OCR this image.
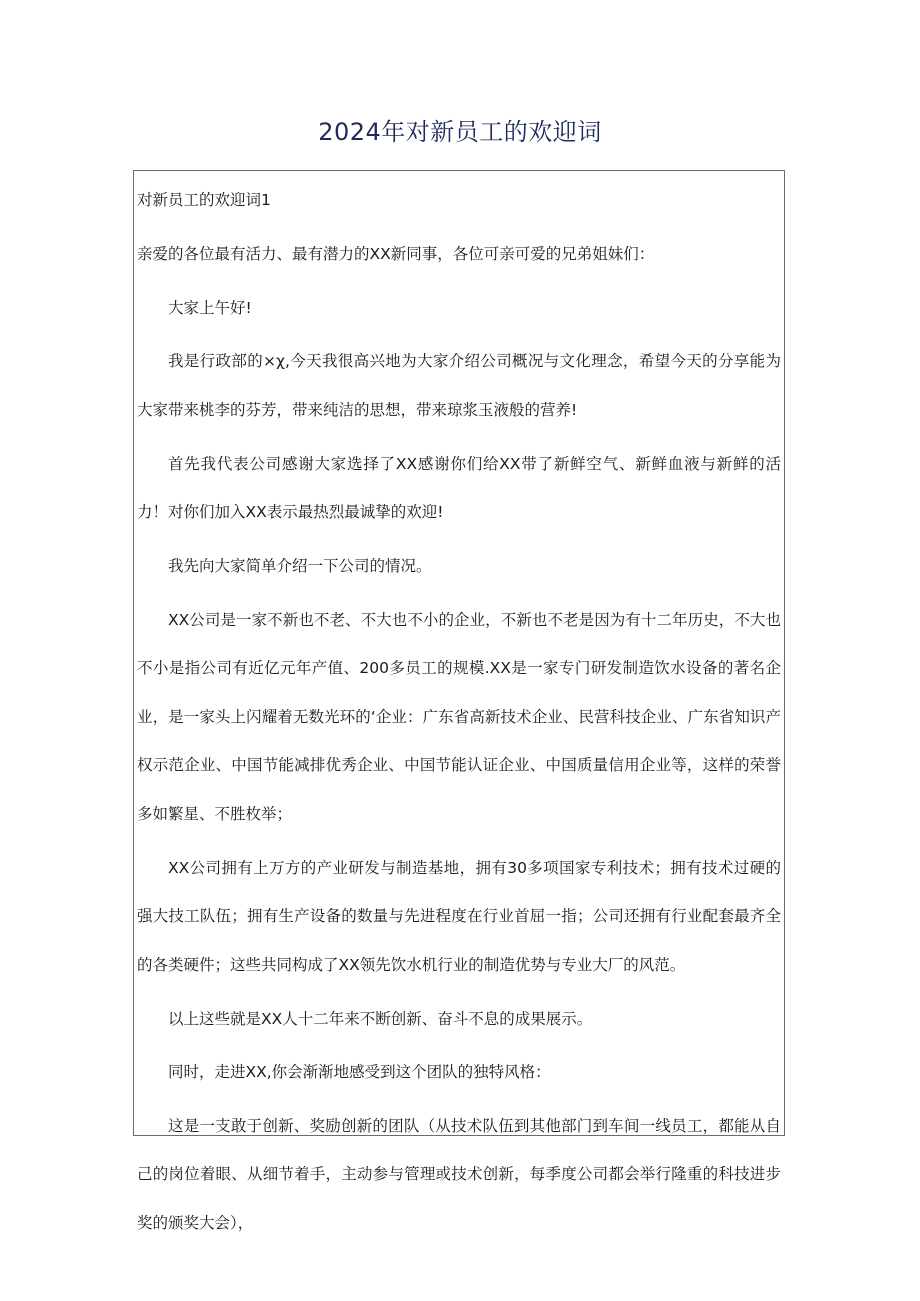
2024年对新员工的欢迎词

对新员工的欢迎词1

亲爱的各位最有活力、最有潜力的XX新同事，各位可亲可爱的兄弟姐妹们：

大家上午好!

我是行政部的×χ,今天我很高兴地为大家介绍公司概况与文化理念，希望今天的分享能为大家带来桃李的芬芳，带来纯洁的思想，带来琼浆玉液般的营养!

首先我代表公司感谢大家选择了XX感谢你们给XX带了新鲜空气、新鲜血液与新鲜的活力！对你们加入XX表示最热烈最诚挚的欢迎!

我先向大家简单介绍一下公司的情况。

XX公司是一家不新也不老、不大也不小的企业，不新也不老是因为有十二年历史，不大也不小是指公司有近亿元年产值、200多员工的规模.XX是一家专门研发制造饮水设备的著名企业，是一家头上闪耀着无数光环的‘企业：广东省高新技术企业、民营科技企业、广东省知识产权示范企业、中国节能减排优秀企业、中国节能认证企业、中国质量信用企业等，这样的荣誉多如繁星、不胜枚举；

XX公司拥有上万方的产业研发与制造基地，拥有30多项国家专利技术；拥有技术过硬的强大技工队伍；拥有生产设备的数量与先进程度在行业首屈一指；公司还拥有行业配套最齐全的各类硬件；这些共同构成了XX领先饮水机行业的制造优势与专业大厂的风范。

以上这些就是XX人十二年来不断创新、奋斗不息的成果展示。

同时，走进XX,你会渐渐地感受到这个团队的独特风格：

这是一支敢于创新、奖励创新的团队（从技术队伍到其他部门到车间一线员工，都能从自己的岗位着眼、从细节着手，主动参与管理或技术创新，每季度公司都会举行隆重的科技进步奖的颁奖大会），
